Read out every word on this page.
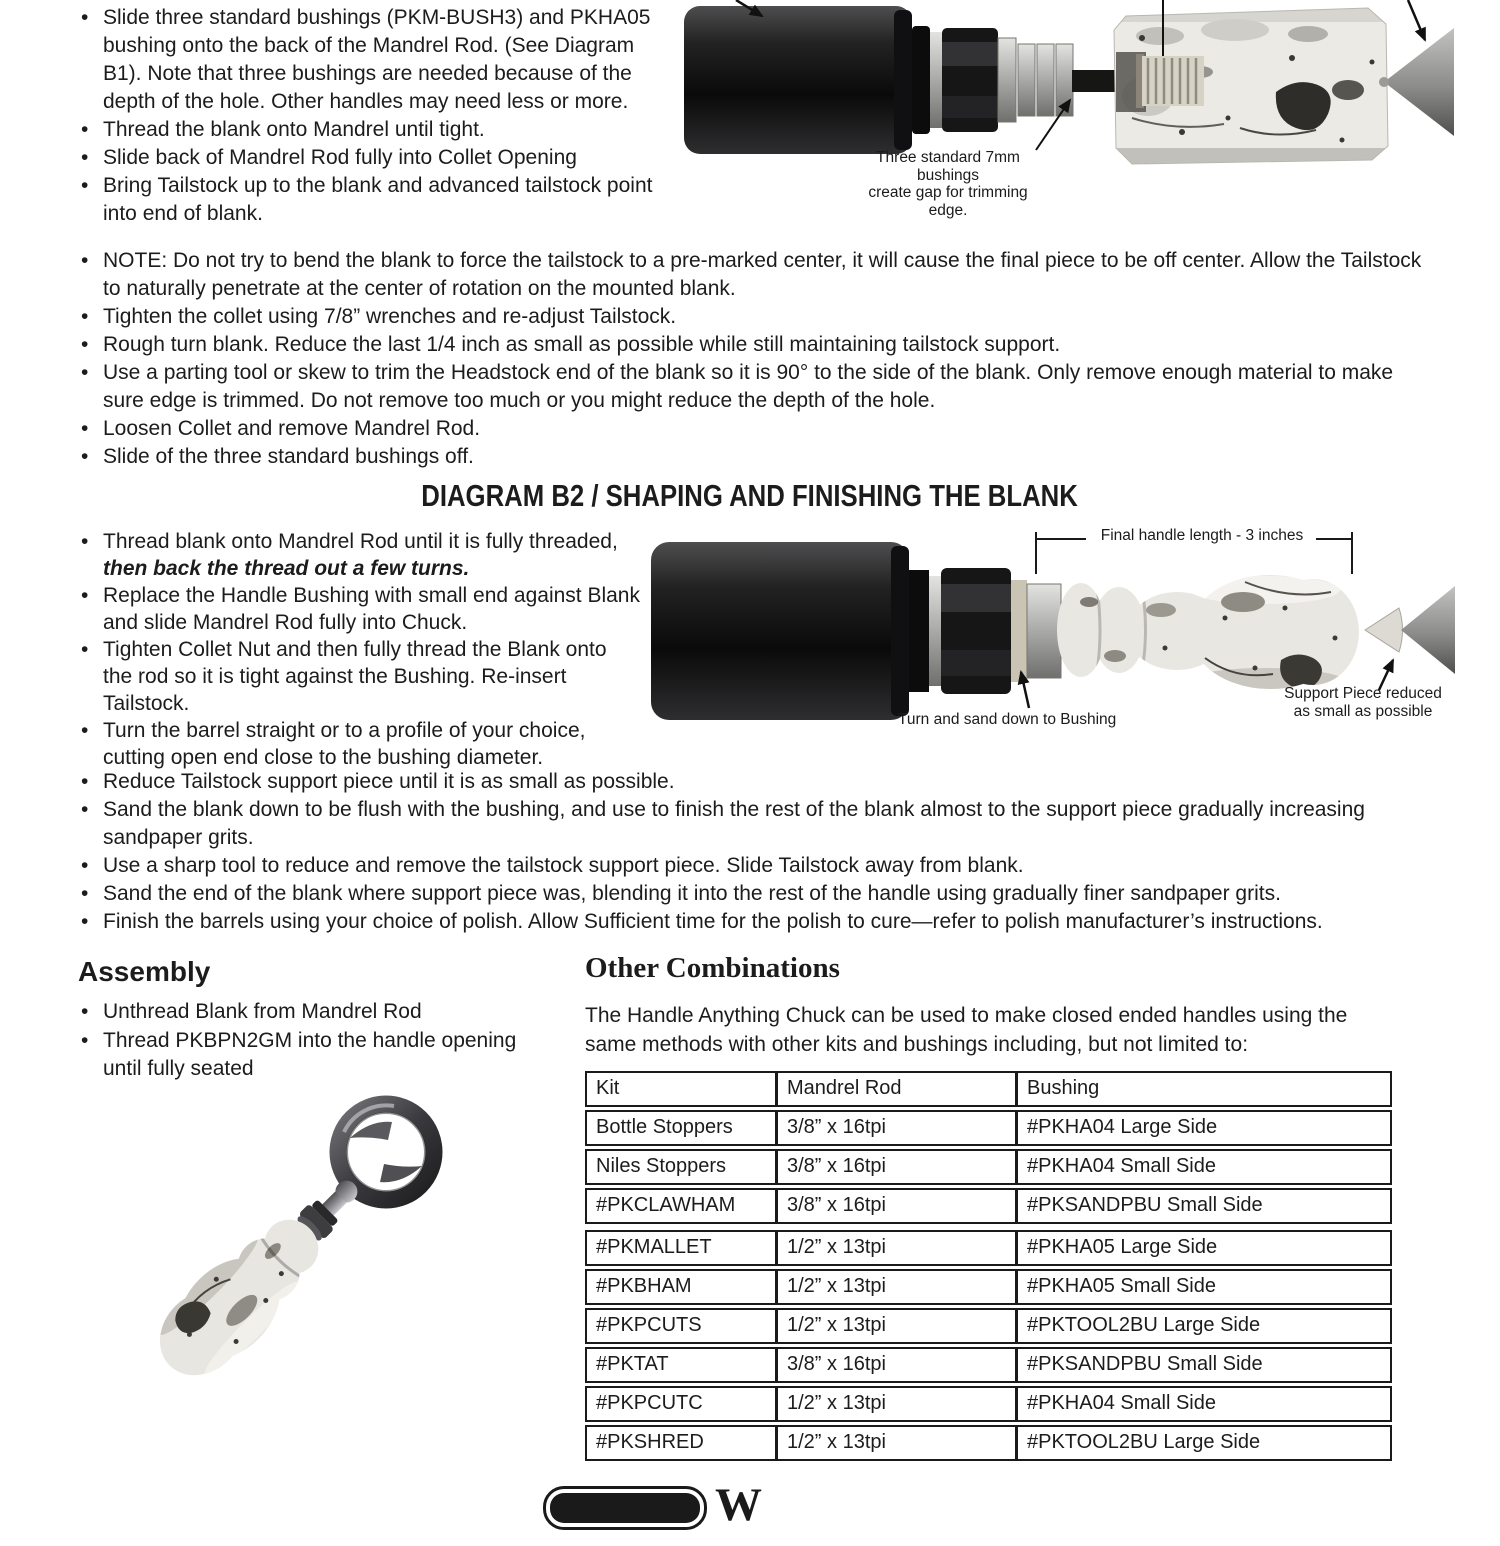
• Slide three standard bushings (PKM-BUSH3) and PKHA05 bushing onto the back of the Mandrel Rod. (See Diagram B1). Note that three bushings are needed because of the depth of the hole. Other handles may need less or more.
• Thread the blank onto Mandrel until tight.
• Slide back of Mandrel Rod fully into Collet Opening
• Bring Tailstock up to the blank and advanced tailstock point into end of blank.
Three standard 7mm bushings
create gap for trimming edge.
• NOTE: Do not try to bend the blank to force the tailstock to a pre-marked center, it will cause the final piece to be off center. Allow the Tailstock to naturally penetrate at the center of rotation on the mounted blank.
• Tighten the collet using 7/8” wrenches and re-adjust Tailstock.
• Rough turn blank. Reduce the last 1/4 inch as small as possible while still maintaining tailstock support.
• Use a parting tool or skew to trim the Headstock end of the blank so it is 90° to the side of the blank. Only remove enough material to make sure edge is trimmed. Do not remove too much or you might reduce the depth of the hole.
• Loosen Collet and remove Mandrel Rod.
• Slide of the three standard bushings off.
DIAGRAM B2 / SHAPING AND FINISHING THE BLANK
• Thread blank onto Mandrel Rod until it is fully threaded, then back the thread out a few turns.
• Replace the Handle Bushing with small end against Blank and slide Mandrel Rod fully into Chuck.
• Tighten Collet Nut and then fully thread the Blank onto the rod so it is tight against the Bushing. Re-insert Tailstock.
• Turn the barrel straight or to a profile of your choice, cutting open end close to the bushing diameter.
Final handle length - 3 inches
Turn and sand down to Bushing
Support Piece reduced
as small as possible
• Reduce Tailstock support piece until it is as small as possible.
• Sand the blank down to be flush with the bushing, and use to finish the rest of the blank almost to the support piece gradually increasing sandpaper grits.
• Use a sharp tool to reduce and remove the tailstock support piece. Slide Tailstock away from blank.
• Sand the end of the blank where support piece was, blending it into the rest of the handle using gradually finer sandpaper grits.
• Finish the barrels using your choice of polish. Allow Sufficient time for the polish to cure—refer to polish manufacturer’s instructions.
Assembly
• Unthread Blank from Mandrel Rod
• Thread PKBPN2GM into the handle opening until fully seated
Other Combinations

The Handle Anything Chuck can be used to make closed ended handles using the same methods with other kits and bushings including, but not limited to:

Kit	Mandrel Rod	Bushing
Bottle Stoppers	3/8” x 16tpi	#PKHA04 Large Side
Niles Stoppers	3/8” x 16tpi	#PKHA04 Small Side
#PKCLAWHAM	3/8” x 16tpi	#PKSANDPBU Small Side
#PKMALLET	1/2” x 13tpi	#PKHA05 Large Side
#PKBHAM	1/2” x 13tpi	#PKHA05 Small Side
#PKPCUTS	1/2” x 13tpi	#PKTOOL2BU Large Side
#PKTAT	3/8” x 16tpi	#PKSANDPBU Small Side
#PKPCUTC	1/2” x 13tpi	#PKHA04 Small Side
#PKSHRED	1/2” x 13tpi	#PKTOOL2BU Large Side
W
